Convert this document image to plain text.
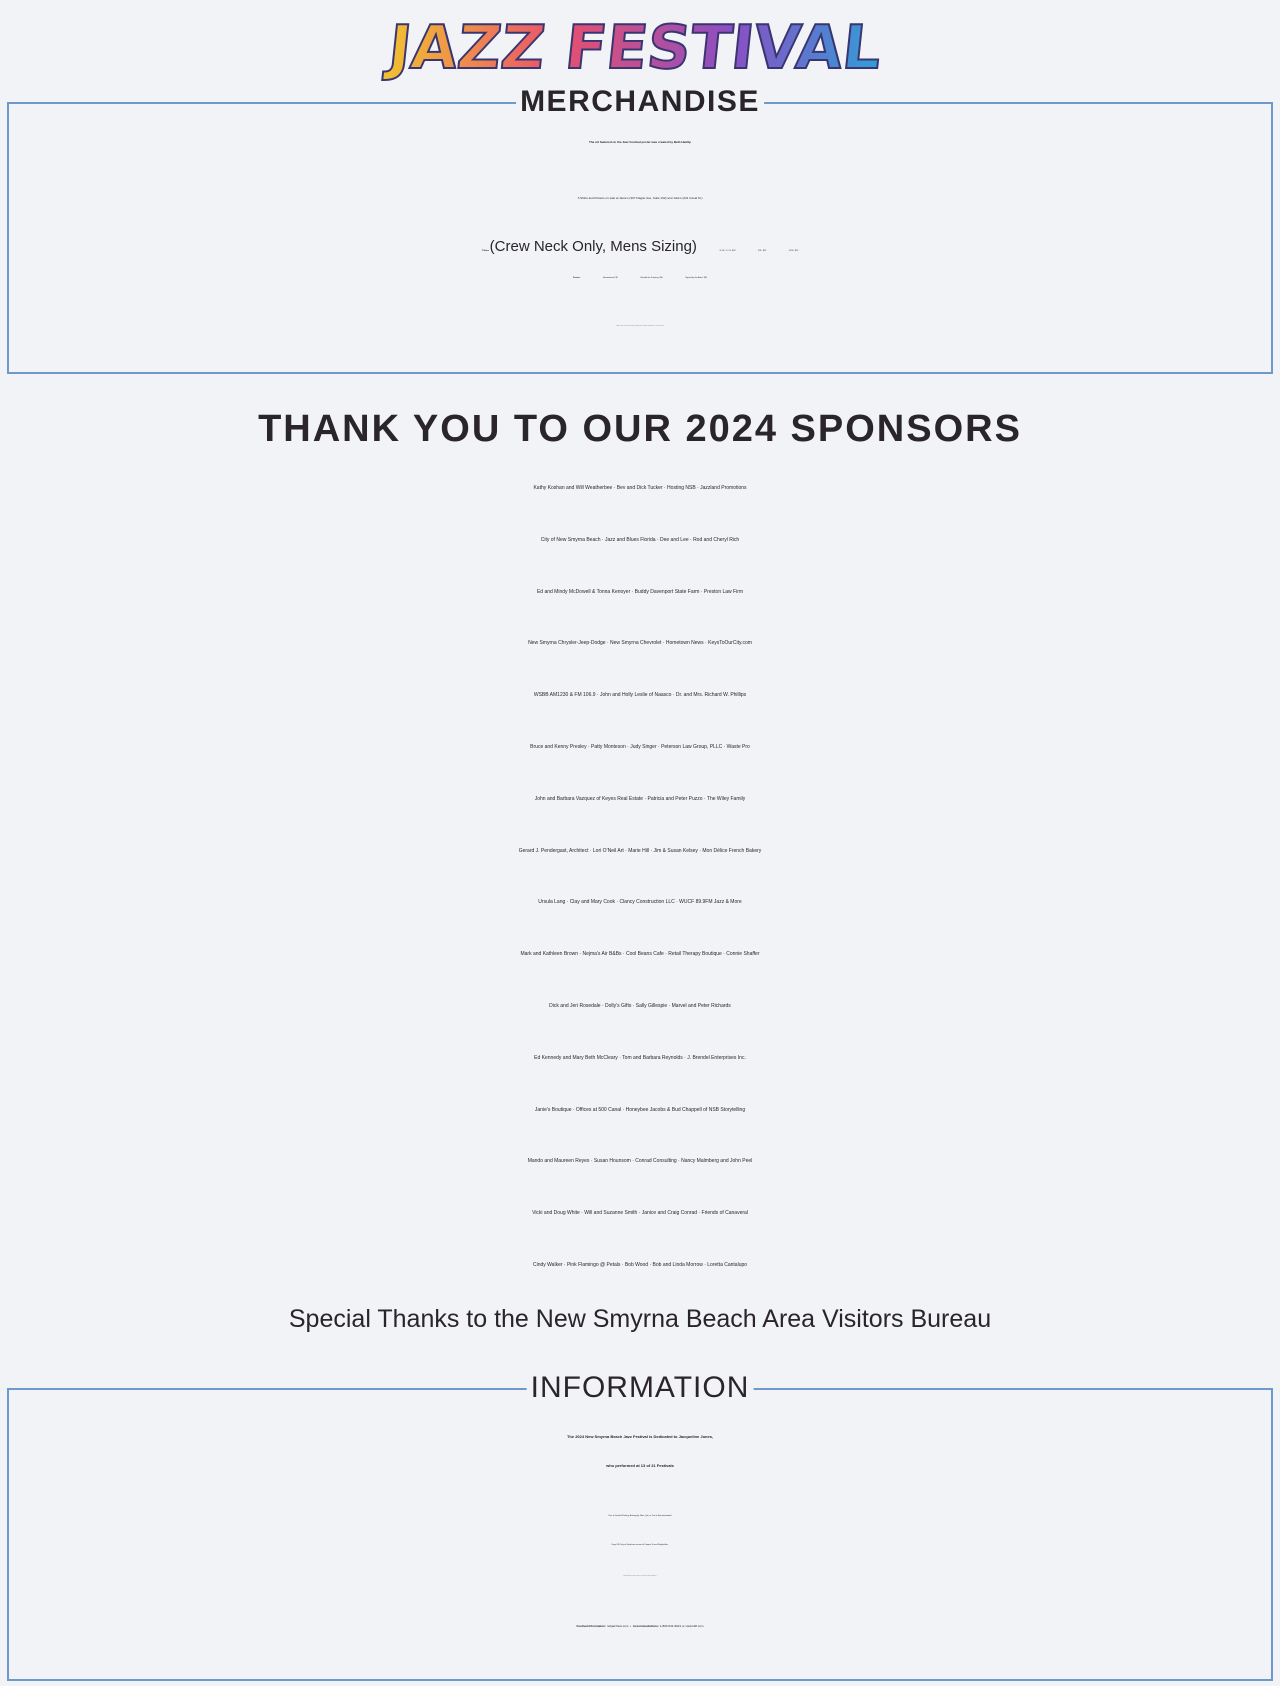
JAZZ FESTIVAL
MERCHANDISE
The art featured on the Jazz Festival poster was created by Beth Haizlip
T-Shirts and Posters on sale at Janie’s (307 Flagler Ave, Suite 102) and Julie’s (231 Canal St.)
T-Shirts (Crew Neck Only, Mens Sizing)	S / M / L / XL: $20	XXL: $22	XXXL: $25
Posters	Informational: $5	Suitable for Framing: $10	Signed by the Artist: $20
Vintage T-Shirts, Hats, Visors, and Posters Available at Janie’s (outside) on Saturday, May 18 from 11:00-2:00
THANK YOU TO OUR 2024 SPONSORS
Kathy Koshan and Will Weatherbee · Bev and Dick Tucker · Hosting NSB · Jazzland Promotions
City of New Smyrna Beach · Jazz and Blues Florida · Dee and Lee · Rod and Cheryl Rich
Ed and Mindy McDowell & Tonna Kenoyer · Buddy Davenport State Farm · Preston Law Firm
New Smyrna Chrysler-Jeep-Dodge · New Smyrna Chevrolet · Hometown News · KeysToOurCity.com
WSBB AM1230 & FM 106.9 · John and Holly Leslie of Naasco · Dr. and Mrs. Richard W. Phillips
Bruce and Kenny Presley · Patty Monteson · Judy Singer · Peterson Law Group, PLLC · Waste Pro
John and Barbara Vazquez of Keyes Real Estate · Patricia and Peter Puzzo · The Wiley Family
Gerard J. Pendergast, Architect · Lori O’Neil Art · Marie Hill · Jim & Susan Kelsey · Mon Délice French Bakery
Ursula Lang · Clay and Mary Cook · Clancy Construction LLC · WUCF 89.9FM Jazz & More
Mark and Kathleen Brown · Nejma’s Air B&Bs · Cool Beans Cafe · Retail Therapy Boutique · Connie Shaffer
Dick and Jeri Rosedale · Dolly’s Gifts · Sally Gillespie · Marvel and Peter Richards
Ed Kennedy and Mary Beth McCleary · Tom and Barbara Reynolds · J. Brendel Enterprises Inc.
Janie’s Boutique · Offices at 500 Canal · Honeybee Jacobs & Bud Chappell of NSB Storytelling
Mando and Maureen Reyes · Susan Hounsom · Conrad Consulting · Nancy Malmberg and John Peel
Vicki and Doug White · Will and Suzanne Smith · Janice and Craig Conrad · Friends of Canaveral
Cindy Walker · Pink Flamingo @ Petals · Bob Wood · Bob and Linda Morrow · Loretta Cantalupo
Special Thanks to the New Smyrna Beach Area Visitors Bureau
INFORMATION
The 2024 New Smyrna Beach Jazz Festival is Dedicated to Jacqueline Jones,
who performed at 13 of 21 Festivals
Due to Limited Parking, Arriving by Uber, Lyft, or Taxi is Recommended
Drop Off Only at Southeast corner of Cooper St and Flagler Ave.
Public Restrooms Available on Flagler Avenue at Pine Street (near gazebo)
Festival Information: nsbjazzfest.com • Accommodations: 1-800-541-9621 or visitnsbfl.com
